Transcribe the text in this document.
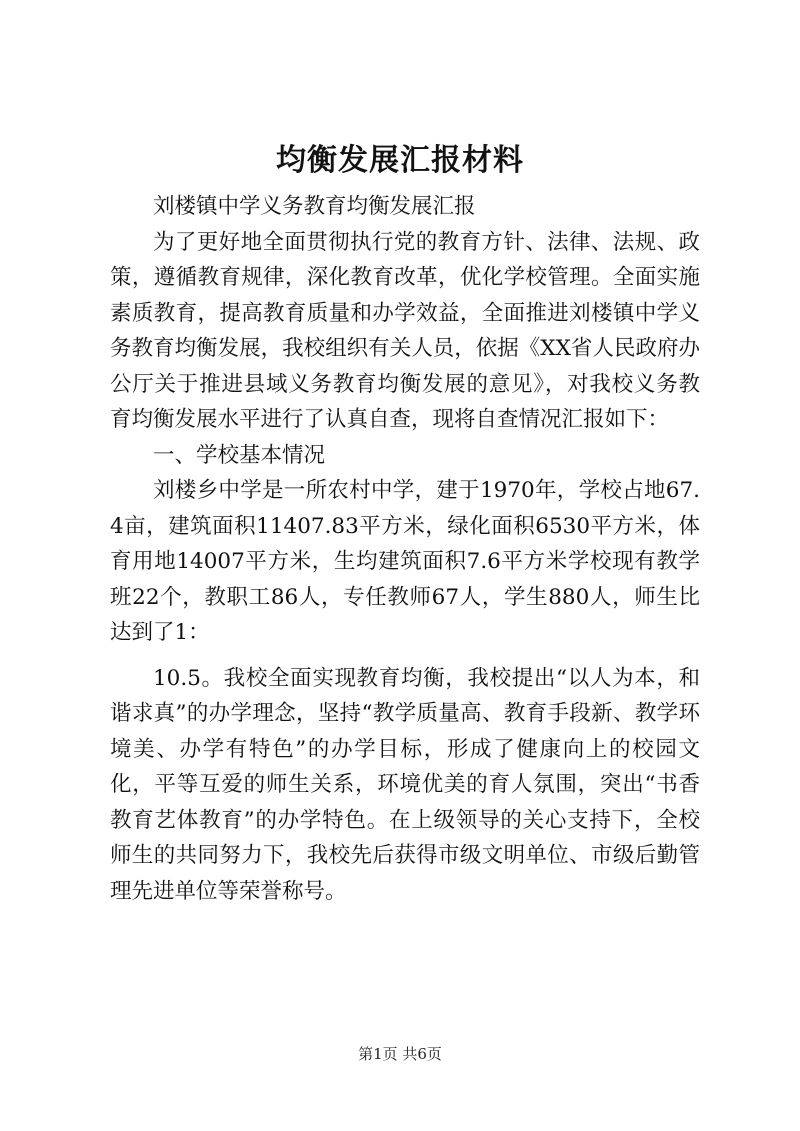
均衡发展汇报材料

刘楼镇中学义务教育均衡发展汇报

为了更好地全面贯彻执行党的教育方针、法律、法规、政策，遵循教育规律，深化教育改革，优化学校管理。全面实施素质教育，提高教育质量和办学效益，全面推进刘楼镇中学义务教育均衡发展，我校组织有关人员，依据《XX省人民政府办公厅关于推进县域义务教育均衡发展的意见》，对我校义务教育均衡发展水平进行了认真自查，现将自查情况汇报如下：

一、学校基本情况

刘楼乡中学是一所农村中学，建于1970年，学校占地67.4亩，建筑面积11407.83平方米，绿化面积6530平方米，体育用地14007平方米，生均建筑面积7.6平方米学校现有教学班22个，教职工86人，专任教师67人，学生880人，师生比达到了1：

10.5。我校全面实现教育均衡，我校提出“以人为本，和谐求真”的办学理念，坚持“教学质量高、教育手段新、教学环境美、办学有特色”的办学目标，形成了健康向上的校园文化，平等互爱的师生关系，环境优美的育人氛围，突出“书香教育艺体教育”的办学特色。在上级领导的关心支持下，全校师生的共同努力下，我校先后获得市级文明单位、市级后勤管理先进单位等荣誉称号。

第1页 共6页
